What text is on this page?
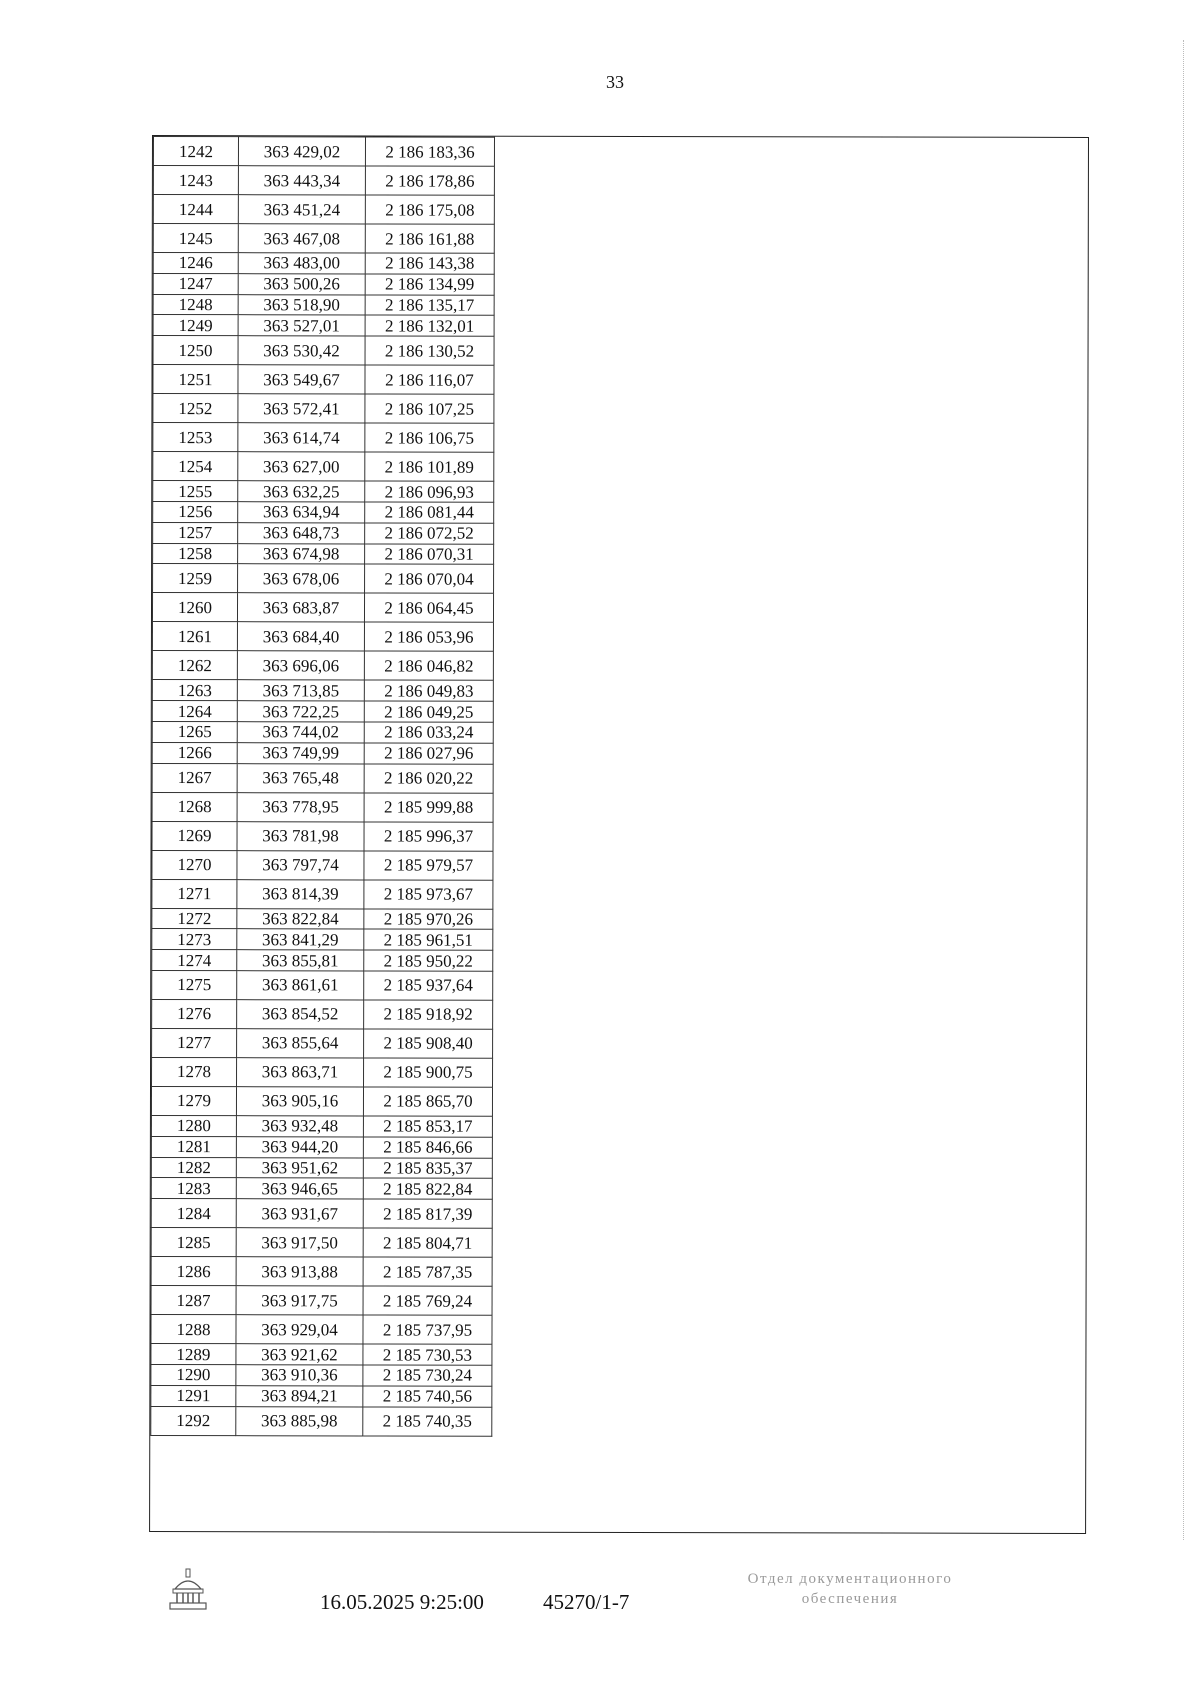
33
1242	363 429,02	2 186 183,36
1243	363 443,34	2 186 178,86
1244	363 451,24	2 186 175,08
1245	363 467,08	2 186 161,88
1246	363 483,00	2 186 143,38
1247	363 500,26	2 186 134,99
1248	363 518,90	2 186 135,17
1249	363 527,01	2 186 132,01
1250	363 530,42	2 186 130,52
1251	363 549,67	2 186 116,07
1252	363 572,41	2 186 107,25
1253	363 614,74	2 186 106,75
1254	363 627,00	2 186 101,89
1255	363 632,25	2 186 096,93
1256	363 634,94	2 186 081,44
1257	363 648,73	2 186 072,52
1258	363 674,98	2 186 070,31
1259	363 678,06	2 186 070,04
1260	363 683,87	2 186 064,45
1261	363 684,40	2 186 053,96
1262	363 696,06	2 186 046,82
1263	363 713,85	2 186 049,83
1264	363 722,25	2 186 049,25
1265	363 744,02	2 186 033,24
1266	363 749,99	2 186 027,96
1267	363 765,48	2 186 020,22
1268	363 778,95	2 185 999,88
1269	363 781,98	2 185 996,37
1270	363 797,74	2 185 979,57
1271	363 814,39	2 185 973,67
1272	363 822,84	2 185 970,26
1273	363 841,29	2 185 961,51
1274	363 855,81	2 185 950,22
1275	363 861,61	2 185 937,64
1276	363 854,52	2 185 918,92
1277	363 855,64	2 185 908,40
1278	363 863,71	2 185 900,75
1279	363 905,16	2 185 865,70
1280	363 932,48	2 185 853,17
1281	363 944,20	2 185 846,66
1282	363 951,62	2 185 835,37
1283	363 946,65	2 185 822,84
1284	363 931,67	2 185 817,39
1285	363 917,50	2 185 804,71
1286	363 913,88	2 185 787,35
1287	363 917,75	2 185 769,24
1288	363 929,04	2 185 737,95
1289	363 921,62	2 185 730,53
1290	363 910,36	2 185 730,24
1291	363 894,21	2 185 740,56
1292	363 885,98	2 185 740,35
16.05.2025 9:25:00	45270/1-7
Отдел документационного
обеспечения
